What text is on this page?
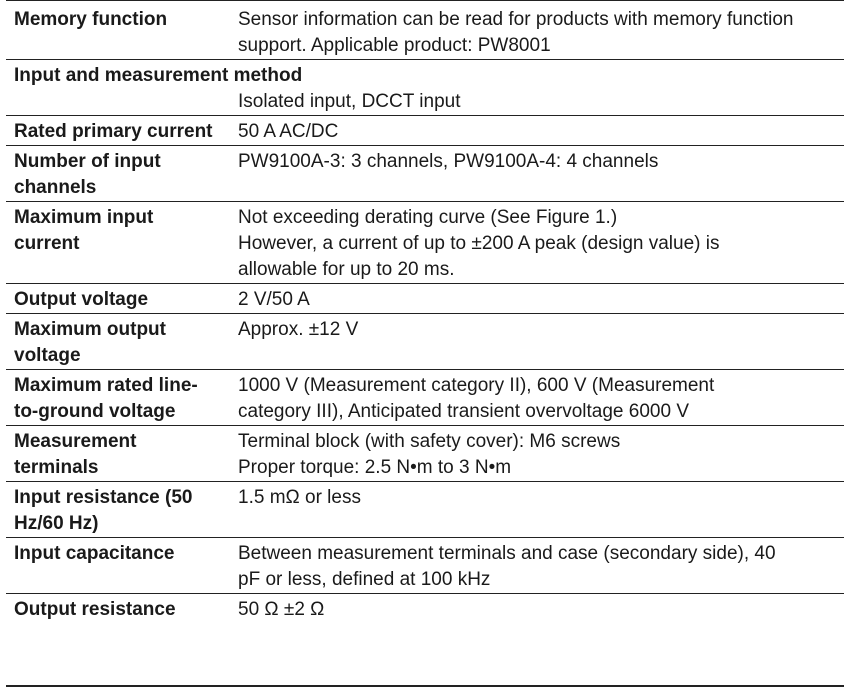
Memory function	Sensor information can be read for products with memory function
support. Applicable product: PW8001
Input and measurement method	
	Isolated input, DCCT input
Rated primary current	50 A AC/DC
Number of input channels	PW9100A-3: 3 channels, PW9100A-4: 4 channels
Maximum input current	Not exceeding derating curve (See Figure 1.)
However, a current of up to ±200 A peak (design value) is
allowable for up to 20 ms.
Output voltage	2 V/50 A
Maximum output voltage	Approx. ±12 V
Maximum rated line-to-ground voltage	1000 V (Measurement category II), 600 V (Measurement
category III), Anticipated transient overvoltage 6000 V
Measurement terminals	Terminal block (with safety cover): M6 screws
Proper torque: 2.5 N•m to 3 N•m
Input resistance (50 Hz/60 Hz)	1.5 mΩ or less
Input capacitance	Between measurement terminals and case (secondary side), 40
pF or less, defined at 100 kHz
Output resistance	50 Ω ±2 Ω
